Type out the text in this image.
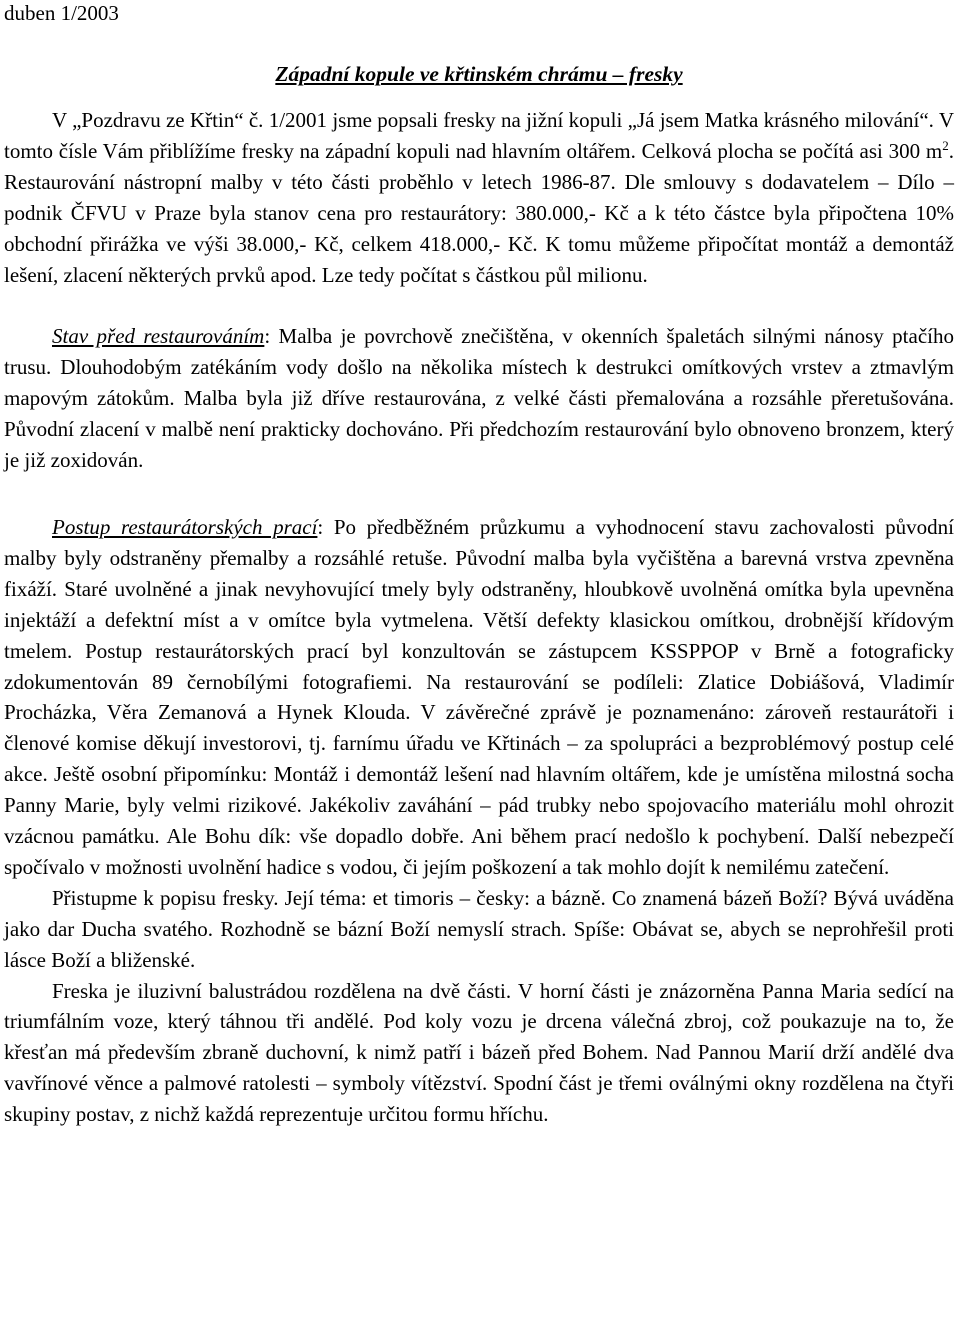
duben 1/2003
Západní kopule ve křtinském chrámu – fresky

V „Pozdravu ze Křtin“ č. 1/2001 jsme popsali fresky na jižní kopuli „Já jsem Matka krásného milování“. V tomto čísle Vám přiblížíme fresky na západní kopuli nad hlavním oltářem. Celková plocha se počítá asi 300 $m^2$. Restaurování nástropní malby v této části proběhlo v letech 1986-87. Dle smlouvy s dodavatelem – Dílo – podnik ČFVU v Praze byla stanov cena pro restaurátory: 380.000,- Kč a k této částce byla připočtena 10% obchodní přirážka ve výši 38.000,- Kč, celkem 418.000,- Kč. K tomu můžeme připočítat montáž a demontáž lešení, zlacení některých prvků apod. Lze tedy počítat s částkou půl milionu.

Stav před restaurováním: Malba je povrchově znečištěna, v okenních špaletách silnými nánosy ptačího trusu. Dlouhodobým zatékáním vody došlo na několika místech k destrukci omítkových vrstev a ztmavlým mapovým zátokům. Malba byla již dříve restaurována, z velké části přemalována a rozsáhle přeretušována. Původní zlacení v malbě není prakticky dochováno. Při předchozím restaurování bylo obnoveno bronzem, který je již zoxidován.

Postup restaurátorských prací: Po předběžném průzkumu a vyhodnocení stavu zachovalosti původní malby byly odstraněny přemalby a rozsáhlé retuše. Původní malba byla vyčištěna a barevná vrstva zpevněna fixáží. Staré uvolněné a jinak nevyhovující tmely byly odstraněny, hloubkově uvolněná omítka byla upevněna injektáží a defektní míst a v omítce byla vytmelena. Větší defekty klasickou omítkou, drobnější křídovým tmelem. Postup restaurátorských prací byl konzultován se zástupcem KSSPPOP v Brně a fotograficky zdokumentován 89 černobílými fotografiemi. Na restaurování se podíleli: Zlatice Dobiášová, Vladimír Procházka, Věra Zemanová a Hynek Klouda. V závěrečné zprávě je poznamenáno: zároveň restaurátoři i členové komise děkují investorovi, tj. farnímu úřadu ve Křtinách – za spolupráci a bezproblémový postup celé akce. Ještě osobní připomínku: Montáž i demontáž lešení nad hlavním oltářem, kde je umístěna milostná socha Panny Marie, byly velmi rizikové. Jakékoliv zaváhání – pád trubky nebo spojovacího materiálu mohl ohrozit vzácnou památku. Ale Bohu dík: vše dopadlo dobře. Ani během prací nedošlo k pochybení. Další nebezpečí spočívalo v možnosti uvolnění hadice s vodou, či jejím poškození a tak mohlo dojít k nemilému zatečení.

Přistupme k popisu fresky. Její téma: et timoris – česky: a bázně. Co znamená bázeň Boží? Bývá uváděna jako dar Ducha svatého. Rozhodně se bázní Boží nemyslí strach. Spíše: Obávat se, abych se neprohřešil proti lásce Boží a bliženské.

Freska je iluzivní balustrádou rozdělena na dvě části. V horní části je znázorněna Panna Maria sedící na triumfálním voze, který táhnou tři andělé. Pod koly vozu je drcena válečná zbroj, což poukazuje na to, že křesťan má především zbraně duchovní, k nimž patří i bázeň před Bohem. Nad Pannou Marií drží andělé dva vavřínové věnce a palmové ratolesti – symboly vítězství. Spodní část je třemi oválnými okny rozdělena na čtyři skupiny postav, z nichž každá reprezentuje určitou formu hříchu.
